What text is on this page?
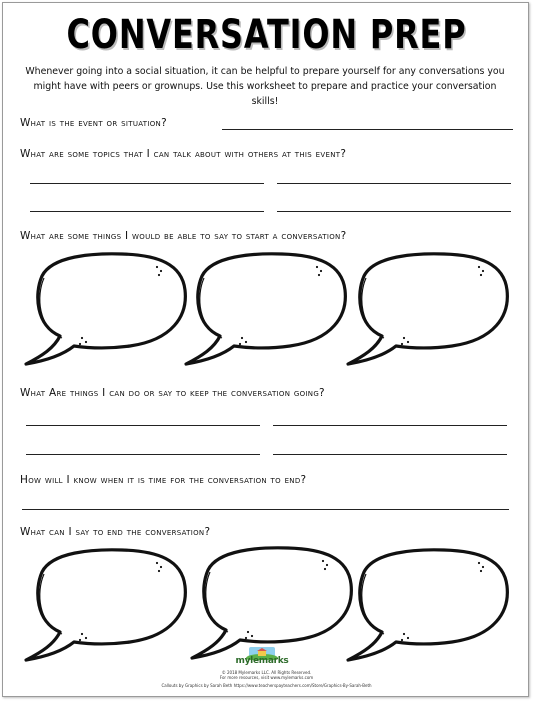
CONVERSATION PREP
Whenever going into a social situation, it can be helpful to prepare yourself for any conversations you might have with peers or grownups. Use this worksheet to prepare and practice your conversation skills!
What is the event or situation?
What are some topics that I can talk about with others at this event?
What are some things I would be able to say to start a conversation?
What Are things I can do or say to keep the conversation going?
How will I know when it is time for the conversation to end?
What can I say to end the conversation?
mylemarks
© 2018 Mylemarks LLC. All Rights Reserved.
For more resources, visit www.mylemarks.com
Callouts by Graphics by Sarah Beth https://www.teacherspayteachers.com/Store/Graphics-By-Sarah-Beth
